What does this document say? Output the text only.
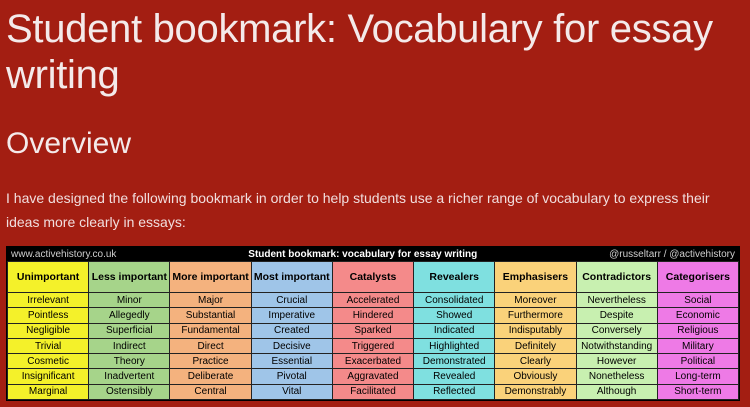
Student bookmark: Vocabulary for essay writing
Overview
I have designed the following bookmark in order to help students use a richer range of vocabulary to express their ideas more clearly in essays:
www.activehistory.co.uk	Student bookmark: vocabulary for essay writing	@russeltarr / @activehistory
Unimportant	Less important	More important	Most important	Catalysts	Revealers	Emphasisers	Contradictors	Categorisers
Irrelevant	Minor	Major	Crucial	Accelerated	Consolidated	Moreover	Nevertheless	Social
Pointless	Allegedly	Substantial	Imperative	Hindered	Showed	Furthermore	Despite	Economic
Negligible	Superficial	Fundamental	Created	Sparked	Indicated	Indisputably	Conversely	Religious
Trivial	Indirect	Direct	Decisive	Triggered	Highlighted	Definitely	Notwithstanding	Military
Cosmetic	Theory	Practice	Essential	Exacerbated	Demonstrated	Clearly	However	Political
Insignificant	Inadvertent	Deliberate	Pivotal	Aggravated	Revealed	Obviously	Nonetheless	Long-term
Marginal	Ostensibly	Central	Vital	Facilitated	Reflected	Demonstrably	Although	Short-term
